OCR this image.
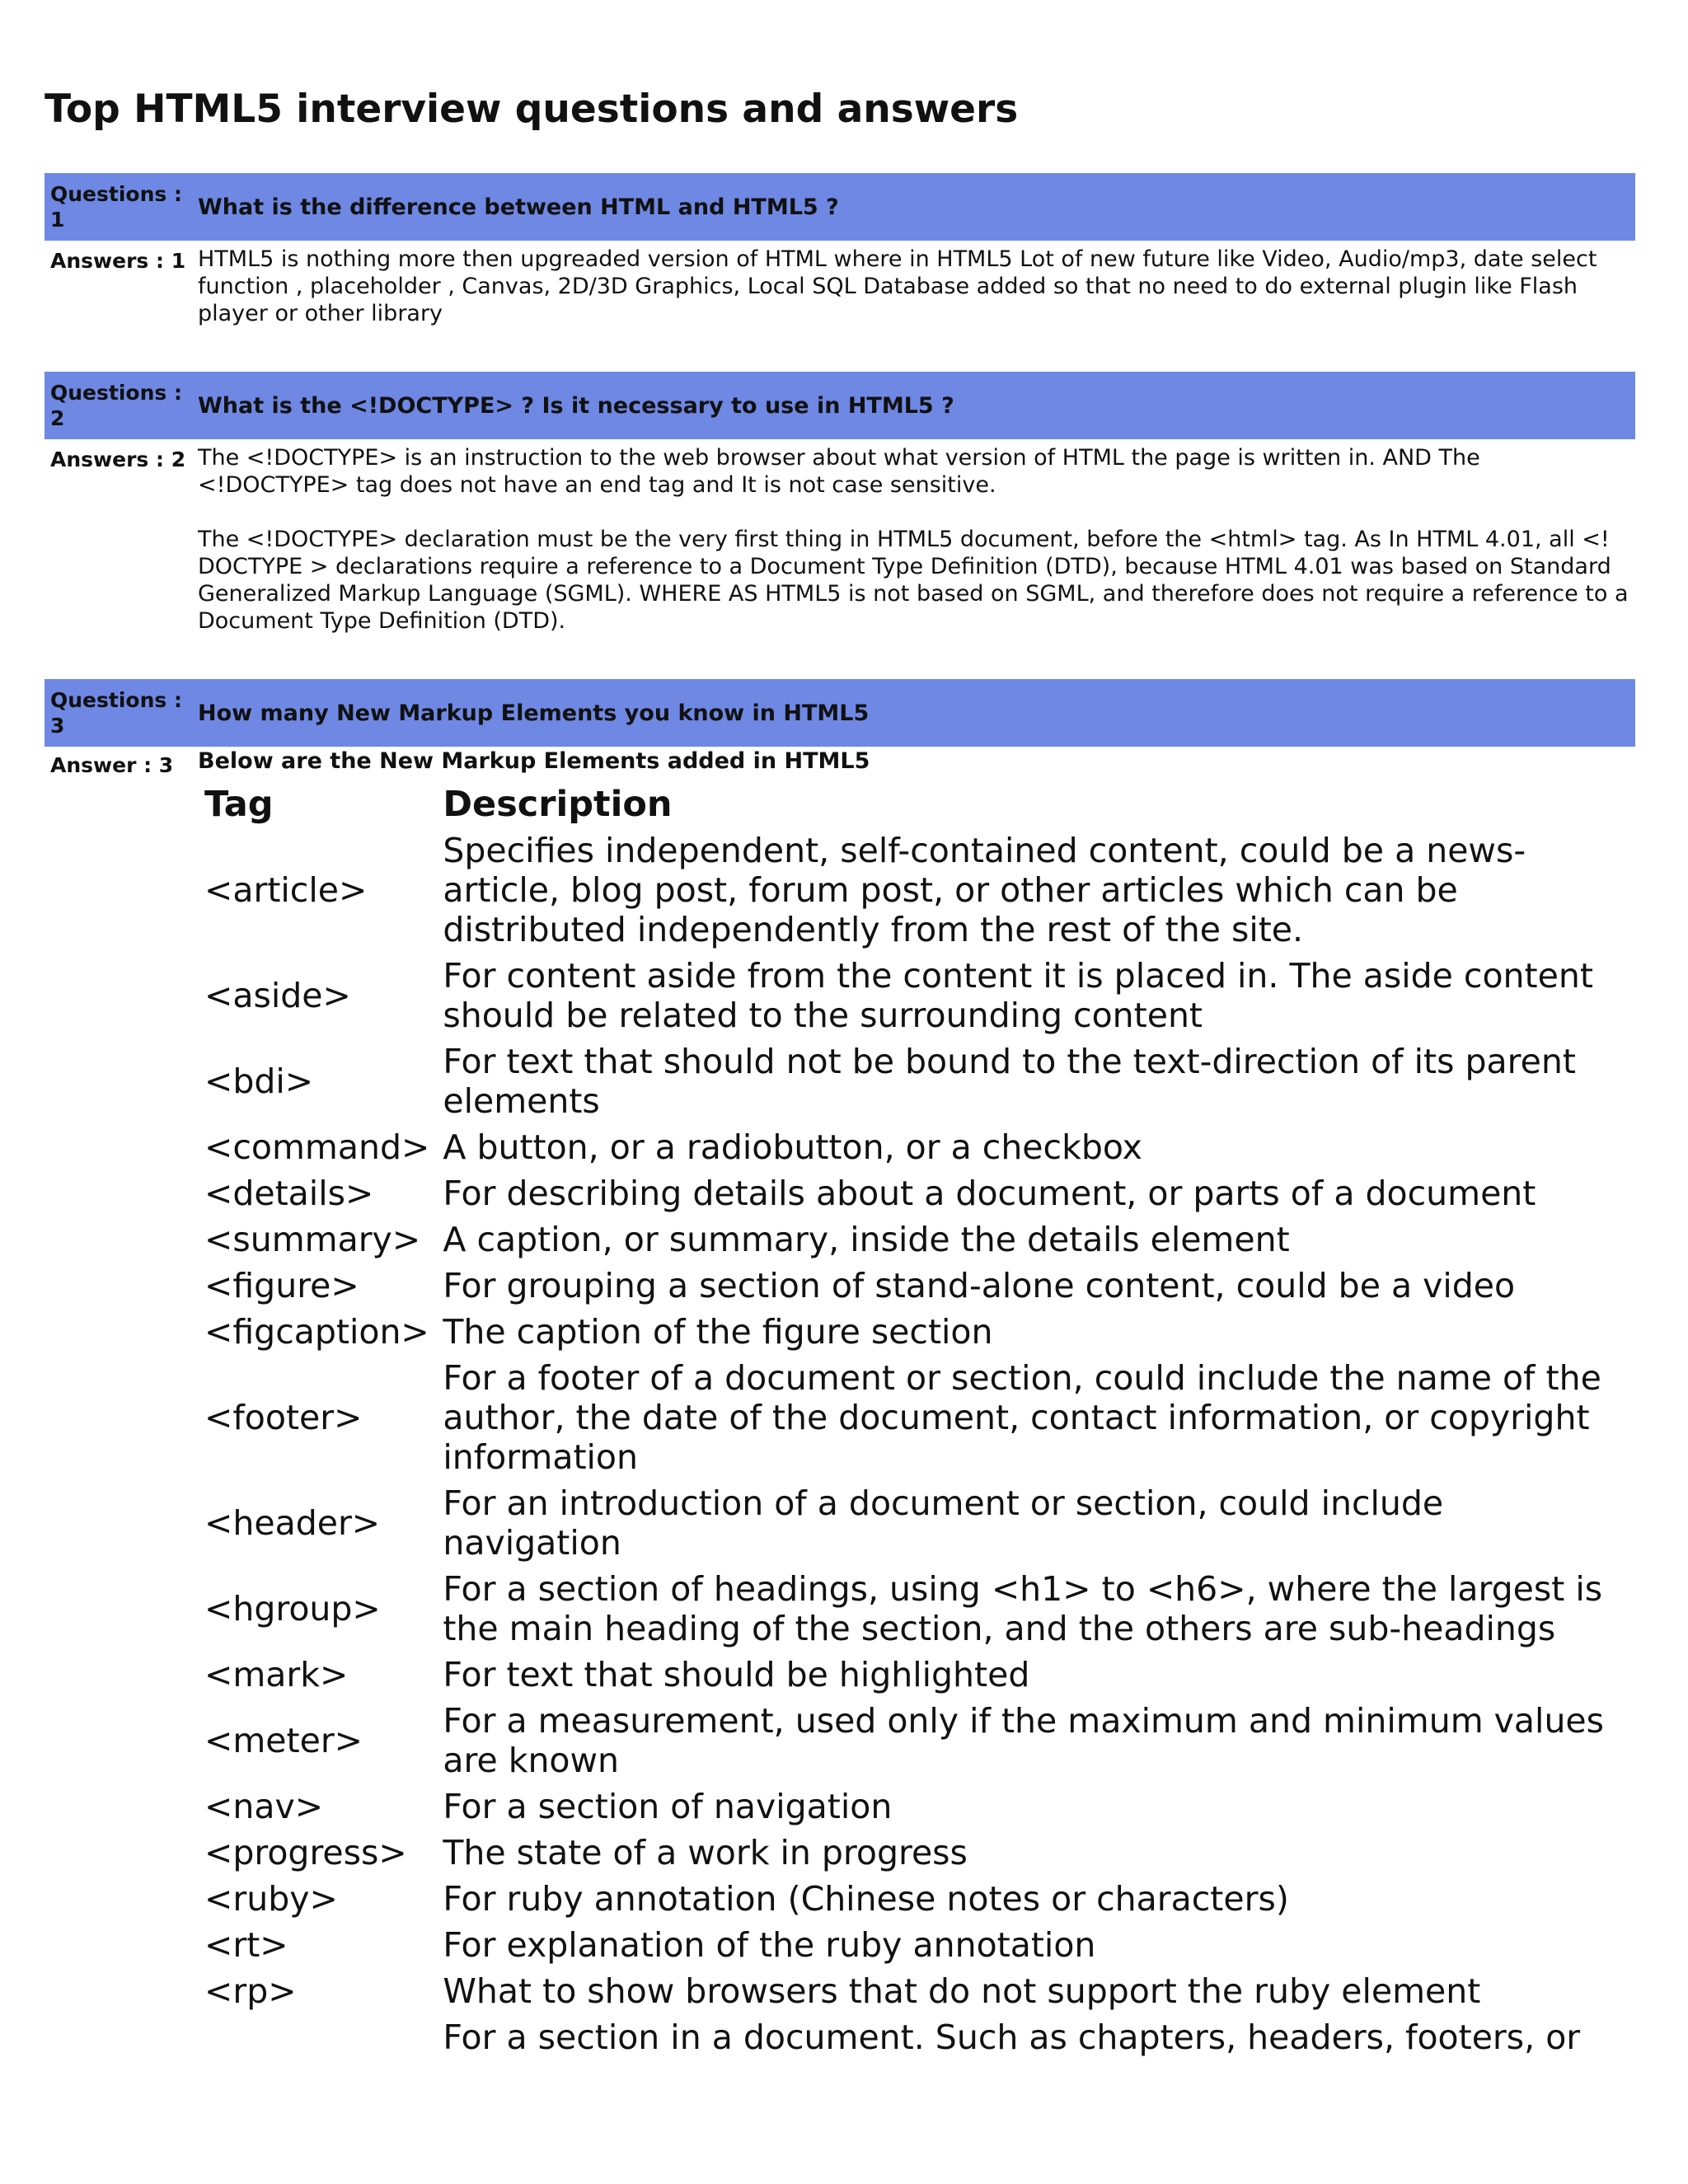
Top HTML5 interview questions and answers
Questions : 1	What is the difference between HTML and HTML5 ?
Answers : 1 HTML5 is nothing more then upgreaded version of HTML where in HTML5 Lot of new future like Video, Audio/mp3, date select function , placeholder , Canvas, 2D/3D Graphics, Local SQL Database added so that no need to do external plugin like Flash player or other library

Questions : 2	What is the <!DOCTYPE> ? Is it necessary to use in HTML5 ?
Answers : 2 The <!DOCTYPE> is an instruction to the web browser about what version of HTML the page is written in. AND The <!DOCTYPE> tag does not have an end tag and It is not case sensitive.

The <!DOCTYPE> declaration must be the very first thing in HTML5 document, before the <html> tag. As In HTML 4.01, all <! DOCTYPE > declarations require a reference to a Document Type Definition (DTD), because HTML 4.01 was based on Standard Generalized Markup Language (SGML). WHERE AS HTML5 is not based on SGML, and therefore does not require a reference to a Document Type Definition (DTD).

Questions : 3	How many New Markup Elements you know in HTML5
Answer : 3	Below are the New Markup Elements added in HTML5
Tag	Description
<article>	Specifies independent, self-contained content, could be a news-article, blog post, forum post, or other articles which can be distributed independently from the rest of the site.
<aside>	For content aside from the content it is placed in. The aside content should be related to the surrounding content
<bdi>	For text that should not be bound to the text-direction of its parent elements
<command>	A button, or a radiobutton, or a checkbox
<details>	For describing details about a document, or parts of a document
<summary>	A caption, or summary, inside the details element
<figure>	For grouping a section of stand-alone content, could be a video
<figcaption>	The caption of the figure section
<footer>	For a footer of a document or section, could include the name of the author, the date of the document, contact information, or copyright information
<header>	For an introduction of a document or section, could include navigation
<hgroup>	For a section of headings, using <h1> to <h6>, where the largest is the main heading of the section, and the others are sub-headings
<mark>	For text that should be highlighted
<meter>	For a measurement, used only if the maximum and minimum values are known
<nav>	For a section of navigation
<progress>	The state of a work in progress
<ruby>	For ruby annotation (Chinese notes or characters)
<rt>	For explanation of the ruby annotation
<rp>	What to show browsers that do not support the ruby element
	For a section in a document. Such as chapters, headers, footers, or
